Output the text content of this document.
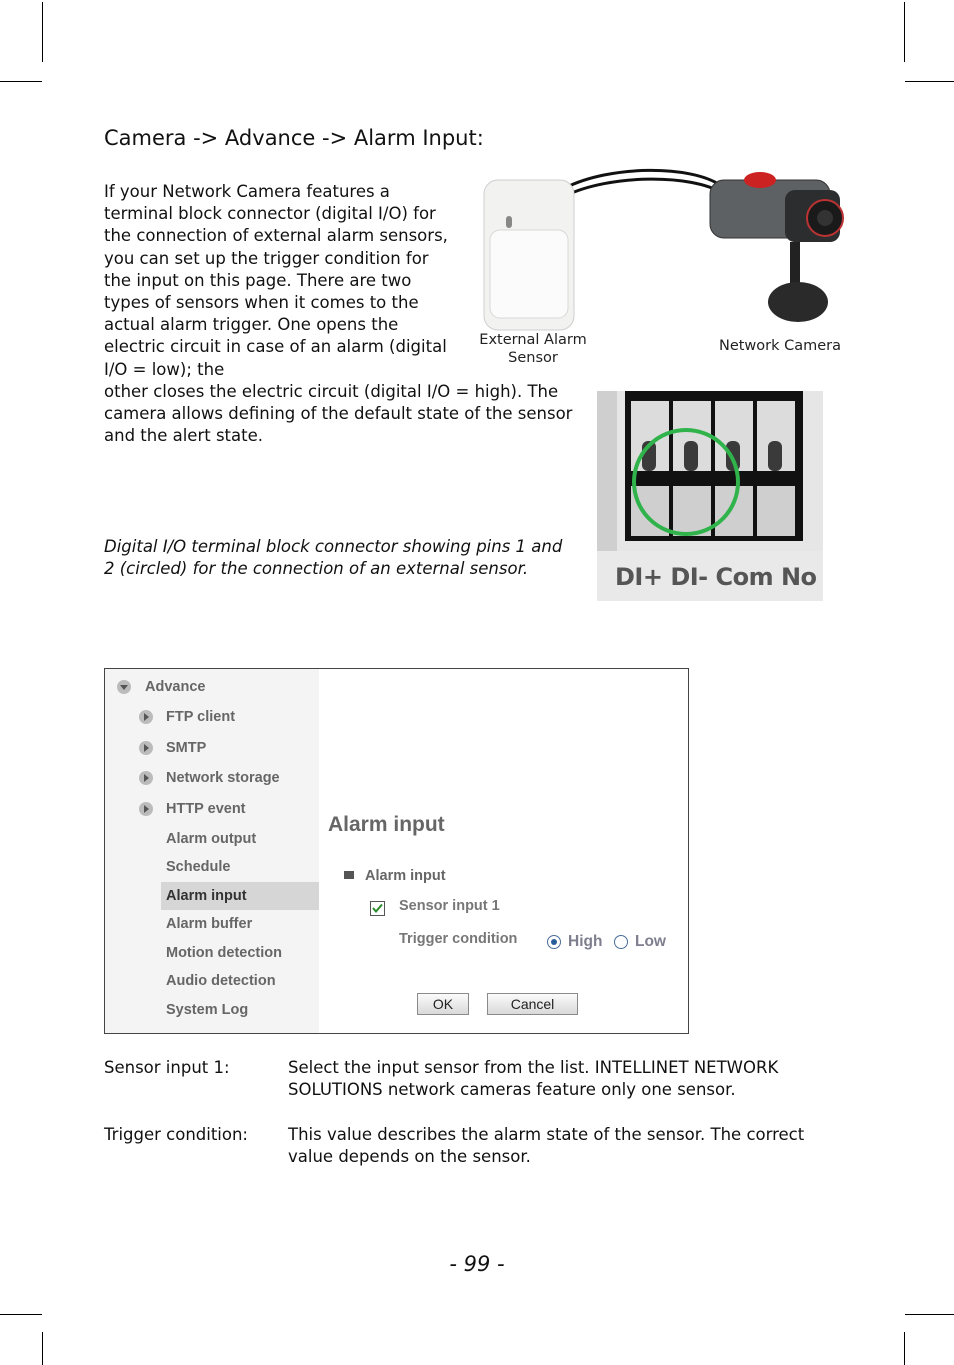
Camera -> Advance -> Alarm Input:
If your Network Camera features a terminal block connector (digital I/O) for the connection of external alarm sensors, you can set up the trigger condition for the input on this page. There are two types of sensors when it comes to the actual alarm trigger. One opens the electric circuit in case of an alarm (digital I/O = low); the
other closes the electric circuit (digital I/O = high). The camera allows defining of the default state of the sensor and the alert state.
External Alarm Sensor
Network Camera
DI+ DI- Com No
Digital I/O terminal block connector showing pins 1 and 2 (circled) for the connection of an external sensor.
Advance
FTP client
SMTP
Network storage
HTTP event
Alarm output
Schedule
Alarm input
Alarm buffer
Motion detection
Audio detection
System Log
Alarm input
Alarm input
Sensor input 1
Trigger condition	High Low
OK	Cancel
Sensor input 1:	Select the input sensor from the list. INTELLINET NETWORK SOLUTIONS network cameras feature only one sensor.
Trigger condition:	This value describes the alarm state of the sensor. The correct value depends on the sensor.
- 99 -
